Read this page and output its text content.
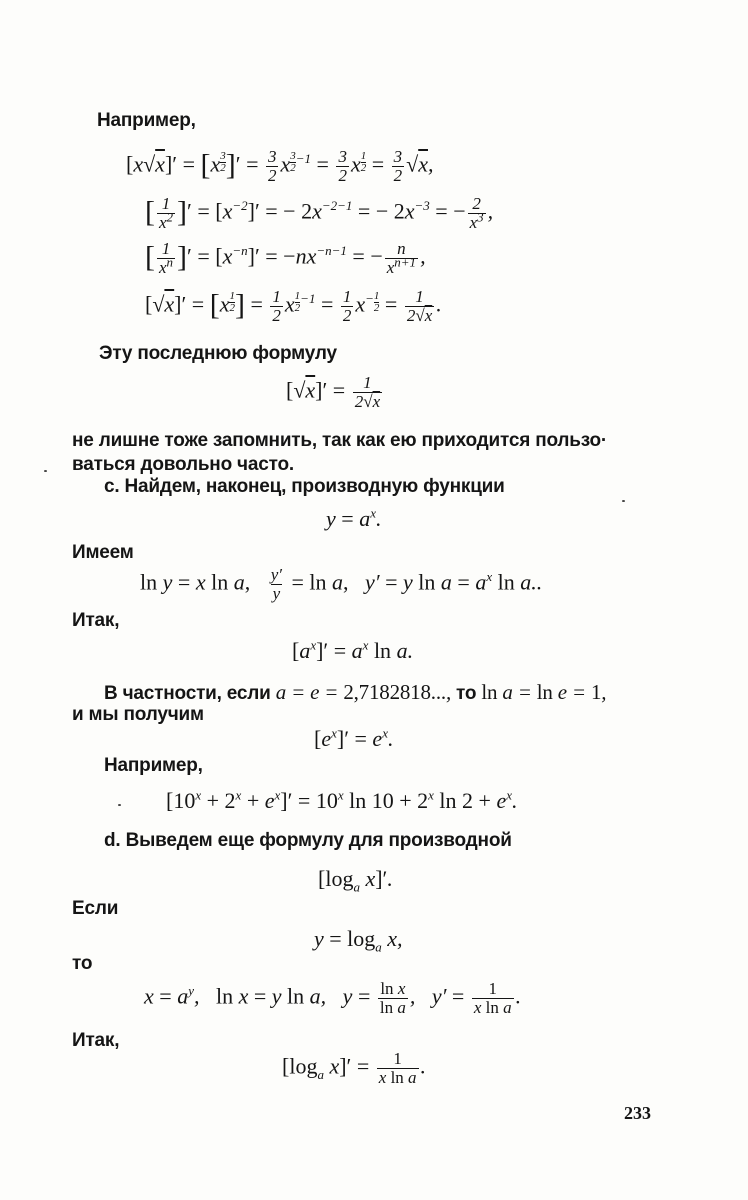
Например,
$[x√x]' = [x \frac{3}{2}$ ]′ = $\frac{3}{2}$ x $\frac{3}{2} ^{-1} = \frac{3}{2}$ x $\frac{1}{2} = \frac{3}{2} √x$,
[ $\frac{1}{x^2}$ ]′ = $[x^{-2}]'$ = − $2x^{-2-1}$ = − $2x^{-3}$ = − $\frac{2}{x^3}$ ,
[ $\frac{1}{x^n}$ ]′ = $[x^{-n}]' = -nx^{-n-1}$ = − $\frac{n}{x^{n+1}}$ ,
$[√x]' = [x \frac{1}{2}$ ] = $\frac{1}{2}$ x $\frac{1}{2} ^{-1} = \frac{1}{2} x^- \frac{1}{2} = \frac{1}{2√x}$ .
Эту последнюю формулу
$[√x]' = \frac{1}{2√x}$
не лишне тоже запомнить, так как ею приходится пользо·
ваться довольно часто.
c. Найдем, наконец, производную функции
$y = a^x$.
Имеем
ln y = x ln a, $\frac{y'}{y} = \ln a$,   y′ = y $\ln a = a^x$ ln a..
Итак,
$[a^x]' = a^x$ ln a.
В частности, если a = e = 2,7182818..., то ln a = ln e = 1,
и мы получим
$[e^x]' = e^x$.
Например,
$[10^x + 2^x + e^x]' = 10^x$ $\ln 10 + 2^x$ $\ln 2 + e^x$.
d. Выведем еще формулу для производной
[$\log_a$ x]′.
Если
$y = \log_a x$,
то
$x = a^y$,   ln x = y ln a, $y = \frac{\text{ln x}}{\text{ln a}}$ , $y' = \frac{1}{\text{x ln a}}$ .
Итак,
[$\log_a$ $x]' = \frac{1}{\text{x ln a}}$ .
233
